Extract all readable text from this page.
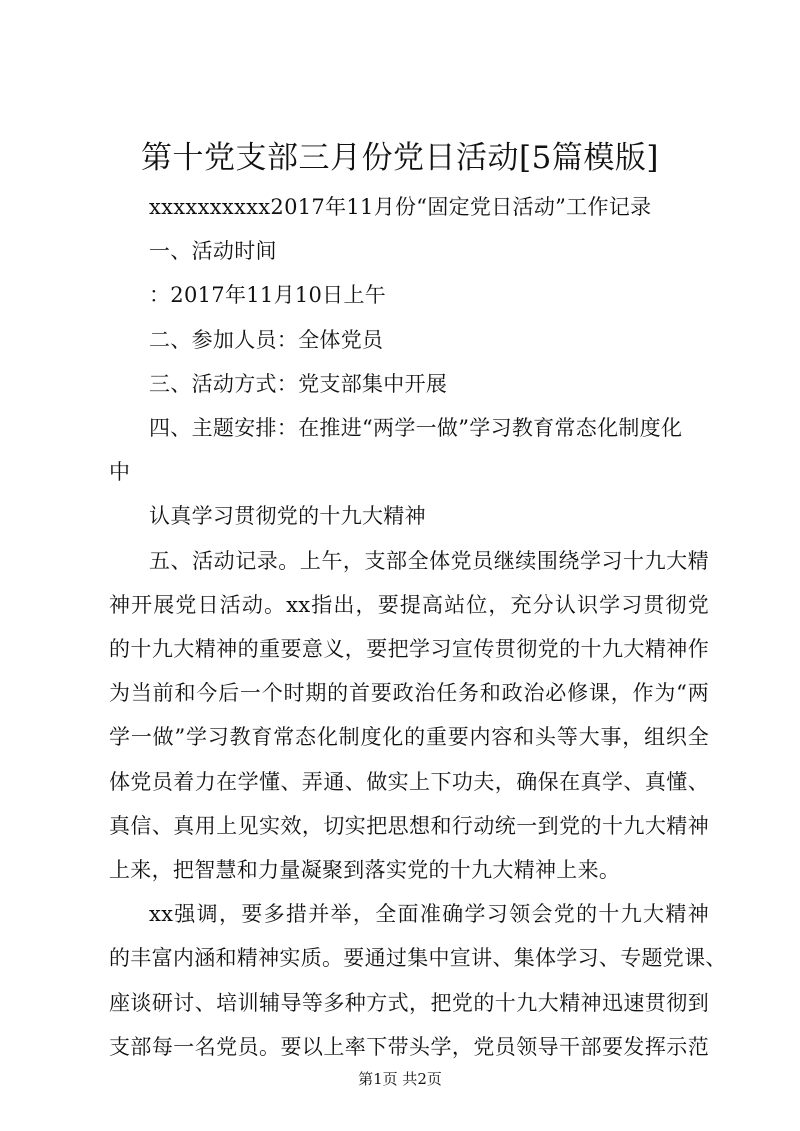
第十党支部三月份党日活动[5篇模版]
xxxxxxxxxx2017年11月份“固定党日活动”工作记录
一、活动时间
：2017年11月10日上午
二、参加人员：全体党员
三、活动方式：党支部集中开展
四、主题安排：在推进“两学一做”学习教育常态化制度化
中
认真学习贯彻党的十九大精神
五、活动记录。上午，支部全体党员继续围绕学习十九大精
神开展党日活动。xx指出，要提高站位，充分认识学习贯彻党
的十九大精神的重要意义，要把学习宣传贯彻党的十九大精神作
为当前和今后一个时期的首要政治任务和政治必修课，作为“两
学一做”学习教育常态化制度化的重要内容和头等大事，组织全
体党员着力在学懂、弄通、做实上下功夫，确保在真学、真懂、
真信、真用上见实效，切实把思想和行动统一到党的十九大精神
上来，把智慧和力量凝聚到落实党的十九大精神上来。
xx强调，要多措并举，全面准确学习领会党的十九大精神
的丰富内涵和精神实质。要通过集中宣讲、集体学习、专题党课、
第1页 共2页
座谈研讨、培训辅导等多种方式，把党的十九大精神迅速贯彻到
支部每一名党员。要以上率下带头学，党员领导干部要发挥示范
